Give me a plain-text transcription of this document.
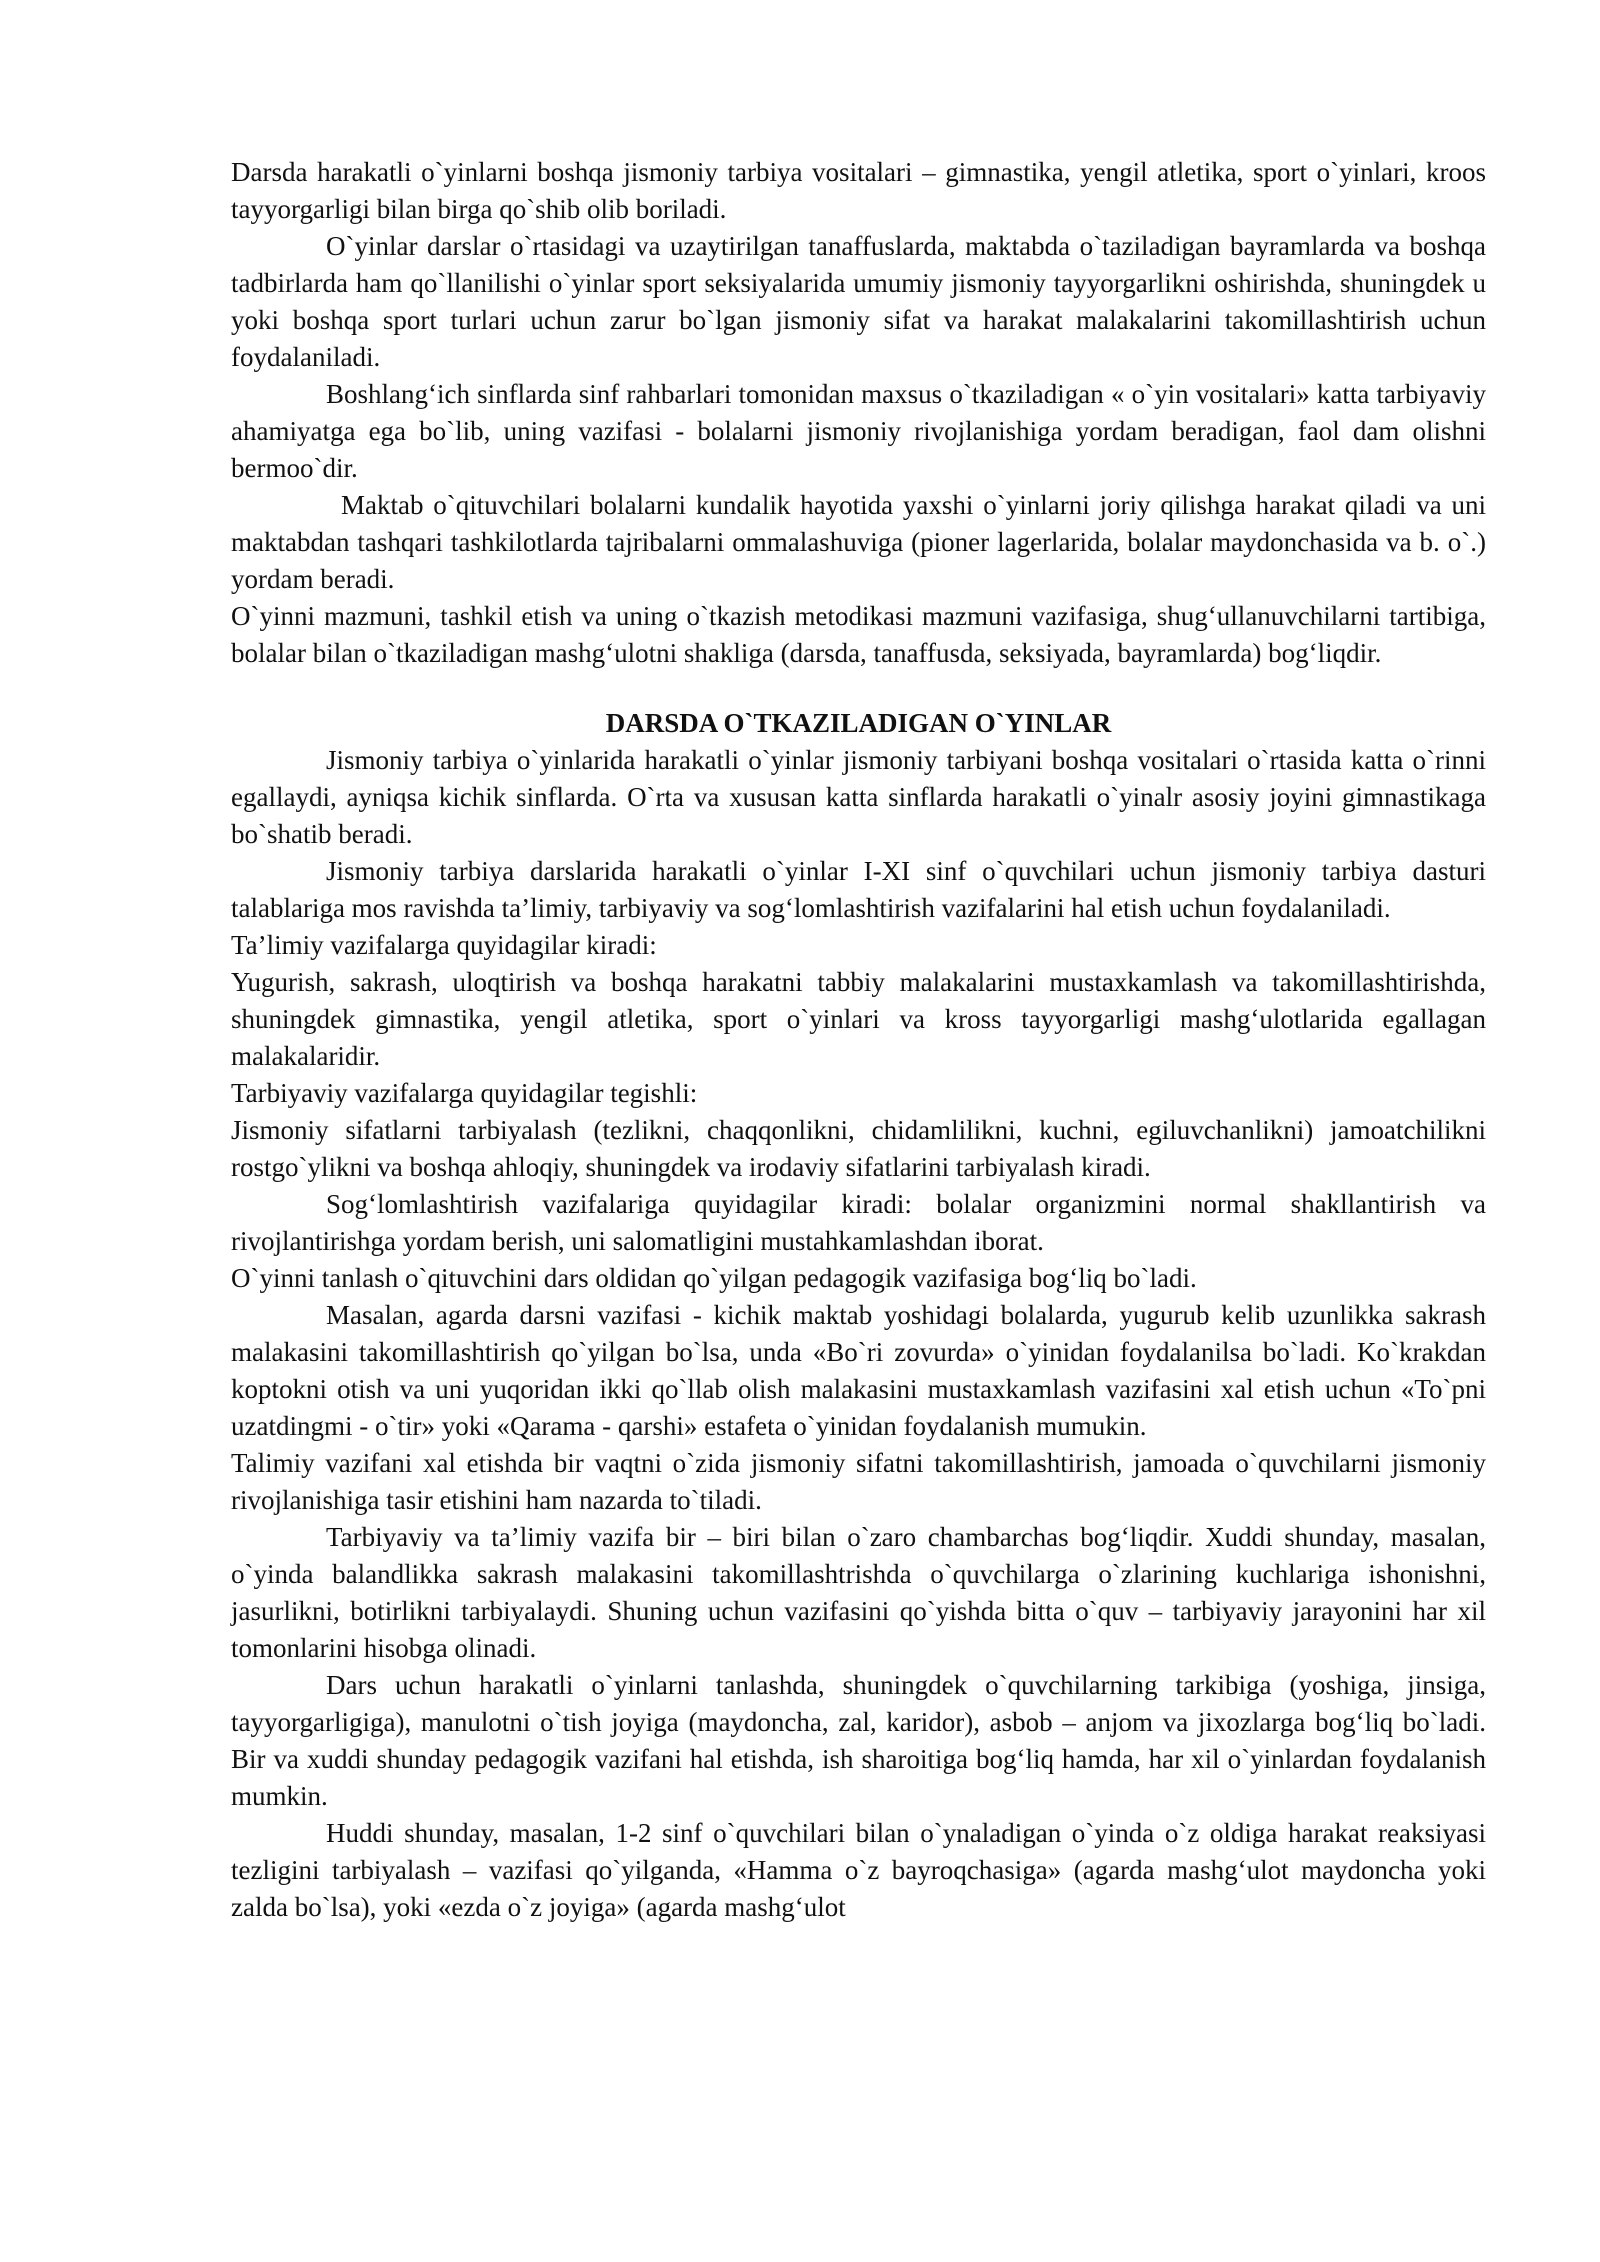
Darsda harakatli o`yinlarni boshqa jismoniy tarbiya vositalari – gimnastika, yengil atletika, sport o`yinlari, kroos tayyorgarligi bilan birga qo`shib olib boriladi.

O`yinlar darslar o`rtasidagi va uzaytirilgan tanaffuslarda, maktabda o`taziladigan bayramlarda va boshqa tadbirlarda ham qo`llanilishi o`yinlar sport seksiyalarida umumiy jismoniy tayyorgarlikni oshirishda, shuningdek u yoki boshqa sport turlari uchun zarur bo`lgan jismoniy sifat va harakat malakalarini takomillashtirish uchun foydalaniladi.

Boshlang‘ich sinflarda sinf rahbarlari tomonidan maxsus o`tkaziladigan « o`yin vositalari» katta tarbiyaviy ahamiyatga ega bo`lib, uning vazifasi - bolalarni jismoniy rivojlanishiga yordam beradigan, faol dam olishni bermoo`dir.

Maktab o`qituvchilari bolalarni kundalik hayotida yaxshi o`yinlarni joriy qilishga harakat qiladi va uni maktabdan tashqari tashkilotlarda tajribalarni ommalashuviga (pioner lagerlarida, bolalar maydonchasida va b. o`.) yordam beradi.

O`yinni mazmuni, tashkil etish va uning o`tkazish metodikasi mazmuni vazifasiga, shug‘ullanuvchilarni tartibiga, bolalar bilan o`tkaziladigan mashg‘ulotni shakliga (darsda, tanaffusda, seksiyada, bayramlarda) bog‘liqdir.

DARSDA O`TKAZILADIGAN O`YINLAR

Jismoniy tarbiya o`yinlarida harakatli o`yinlar jismoniy tarbiyani boshqa vositalari o`rtasida katta o`rinni egallaydi, ayniqsa kichik sinflarda. O`rta va xususan katta sinflarda harakatli o`yinalr asosiy joyini gimnastikaga bo`shatib beradi.

Jismoniy tarbiya darslarida harakatli o`yinlar I-XI sinf o`quvchilari uchun jismoniy tarbiya dasturi talablariga mos ravishda ta’limiy, tarbiyaviy va sog‘lomlashtirish vazifalarini hal etish uchun foydalaniladi.

Ta’limiy vazifalarga quyidagilar kiradi:

Yugurish, sakrash, uloqtirish va boshqa harakatni tabbiy malakalarini mustaxkamlash va takomillashtirishda, shuningdek gimnastika, yengil atletika, sport o`yinlari va kross tayyorgarligi mashg‘ulotlarida egallagan malakalaridir.

Tarbiyaviy vazifalarga quyidagilar tegishli:

Jismoniy sifatlarni tarbiyalash (tezlikni, chaqqonlikni, chidamlilikni, kuchni, egiluvchanlikni) jamoatchilikni rostgo`ylikni va boshqa ahloqiy, shuningdek va irodaviy sifatlarini tarbiyalash kiradi.

Sog‘lomlashtirish vazifalariga quyidagilar kiradi: bolalar organizmini normal shakllantirish va rivojlantirishga yordam berish, uni salomatligini mustahkamlashdan iborat.

O`yinni tanlash o`qituvchini dars oldidan qo`yilgan pedagogik vazifasiga bog‘liq bo`ladi.

Masalan, agarda darsni vazifasi - kichik maktab yoshidagi bolalarda, yugurub kelib uzunlikka sakrash malakasini takomillashtirish qo`yilgan bo`lsa, unda «Bo`ri zovurda» o`yinidan foydalanilsa bo`ladi. Ko`krakdan koptokni otish va uni yuqoridan ikki qo`llab olish malakasini mustaxkamlash vazifasini xal etish uchun «To`pni uzatdingmi - o`tir» yoki «Qarama - qarshi» estafeta o`yinidan foydalanish mumukin.

Talimiy vazifani xal etishda bir vaqtni o`zida jismoniy sifatni takomillashtirish, jamoada o`quvchilarni jismoniy rivojlanishiga tasir etishini ham nazarda to`tiladi.

Tarbiyaviy va ta’limiy vazifa bir – biri bilan o`zaro chambarchas bog‘liqdir. Xuddi shunday, masalan, o`yinda balandlikka sakrash malakasini takomillashtrishda o`quvchilarga o`zlarining kuchlariga ishonishni, jasurlikni, botirlikni tarbiyalaydi. Shuning uchun vazifasini qo`yishda bitta o`quv – tarbiyaviy jarayonini har xil tomonlarini hisobga olinadi.

Dars uchun harakatli o`yinlarni tanlashda, shuningdek o`quvchilarning tarkibiga (yoshiga, jinsiga, tayyorgarligiga), manulotni o`tish joyiga (maydoncha, zal, karidor), asbob – anjom va jixozlarga bog‘liq bo`ladi. Bir va xuddi shunday pedagogik vazifani hal etishda, ish sharoitiga bog‘liq hamda, har xil o`yinlardan foydalanish mumkin.

Huddi shunday, masalan, 1-2 sinf o`quvchilari bilan o`ynaladigan o`yinda o`z oldiga harakat reaksiyasi tezligini tarbiyalash – vazifasi qo`yilganda, «Hamma o`z bayroqchasiga» (agarda mashg‘ulot maydoncha yoki zalda bo`lsa), yoki «ezda o`z joyiga» (agarda mashg‘ulot
